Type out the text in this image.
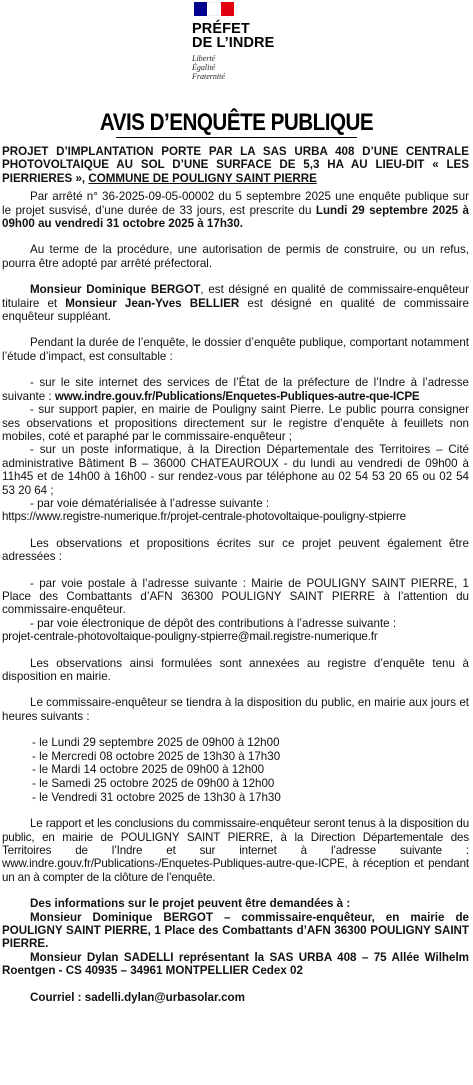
PRÉFET
DE L’INDRE
Liberté
Égalité
Fraternité
AVIS D’ENQUÊTE PUBLIQUE

PROJET D’IMPLANTATION PORTE PAR LA SAS URBA 408 D’UNE CENTRALE PHOTOVOLTAIQUE AU SOL D’UNE SURFACE DE 5,3 HA AU LIEU-DIT « LES PIERRIERES », COMMUNE DE POULIGNY SAINT PIERRE

Par arrêté n° 36-2025-09-05-00002 du 5 septembre 2025 une enquête publique sur le projet susvisé, d’une durée de 33 jours, est prescrite du Lundi 29 septembre 2025 à 09h00 au vendredi 31 octobre 2025 à 17h30.

Au terme de la procédure, une autorisation de permis de construire, ou un refus, pourra être adopté par arrêté préfectoral.

Monsieur Dominique BERGOT, est désigné en qualité de commissaire-enquêteur titulaire et Monsieur Jean-Yves BELLIER est désigné en qualité de commissaire enquêteur suppléant.

Pendant la durée de l’enquête, le dossier d’enquête publique, comportant notamment l’étude d’impact, est consultable :

- sur le site internet des services de l’État de la préfecture de l’Indre à l’adresse suivante : www.indre.gouv.fr/Publications/Enquetes-Publiques-autre-que-ICPE

- sur support papier, en mairie de Pouligny saint Pierre. Le public pourra consigner ses observations et propositions directement sur le registre d’enquête à feuillets non mobiles, coté et paraphé par le commissaire-enquêteur ;

- sur un poste informatique, à la Direction Départementale des Territoires – Cité administrative Bâtiment B – 36000 CHATEAUROUX - du lundi au vendredi de 09h00 à 11h45 et de 14h00 à 16h00 - sur rendez-vous par téléphone au 02 54 53 20 65 ou 02 54 53 20 64 ;

- par voie dématérialisée à l’adresse suivante :

https://www.registre-numerique.fr/projet-centrale-photovoltaique-pouligny-stpierre

Les observations et propositions écrites sur ce projet peuvent également être adressées :

- par voie postale à l’adresse suivante : Mairie de POULIGNY SAINT PIERRE, 1 Place des Combattants d’AFN 36300 POULIGNY SAINT PIERRE à l’attention du commissaire-enquêteur.

- par voie électronique de dépôt des contributions à l’adresse suivante :

projet-centrale-photovoltaique-pouligny-stpierre@mail.registre-numerique.fr

Les observations ainsi formulées sont annexées au registre d’enquête tenu à disposition en mairie.

Le commissaire-enquêteur se tiendra à la disposition du public, en mairie aux jours et heures suivants :

- le Lundi 29 septembre 2025 de 09h00 à 12h00
- le Mercredi 08 octobre 2025 de 13h30 à 17h30
- le Mardi 14 octobre 2025 de 09h00 à 12h00
- le Samedi 25 octobre 2025 de 09h00 à 12h00
- le Vendredi 31 octobre 2025 de 13h30 à 17h30

Le rapport et les conclusions du commissaire-enquêteur seront tenus à la disposition du public, en mairie de POULIGNY SAINT PIERRE, à la Direction Départementale des Territoires de l’Indre et sur internet à l’adresse suivante : www.indre.gouv.fr/Publications-/Enquetes-Publiques-autre-que-ICPE, à réception et pendant un an à compter de la clôture de l’enquête.

Des informations sur le projet peuvent être demandées à :

Monsieur Dominique BERGOT – commissaire-enquêteur, en mairie de POULIGNY SAINT PIERRE, 1 Place des Combattants d’AFN 36300 POULIGNY SAINT PIERRE.

Monsieur Dylan SADELLI représentant la SAS URBA 408 – 75 Allée Wilhelm Roentgen - CS 40935 – 34961 MONTPELLIER Cedex 02

Courriel : sadelli.dylan@urbasolar.com
